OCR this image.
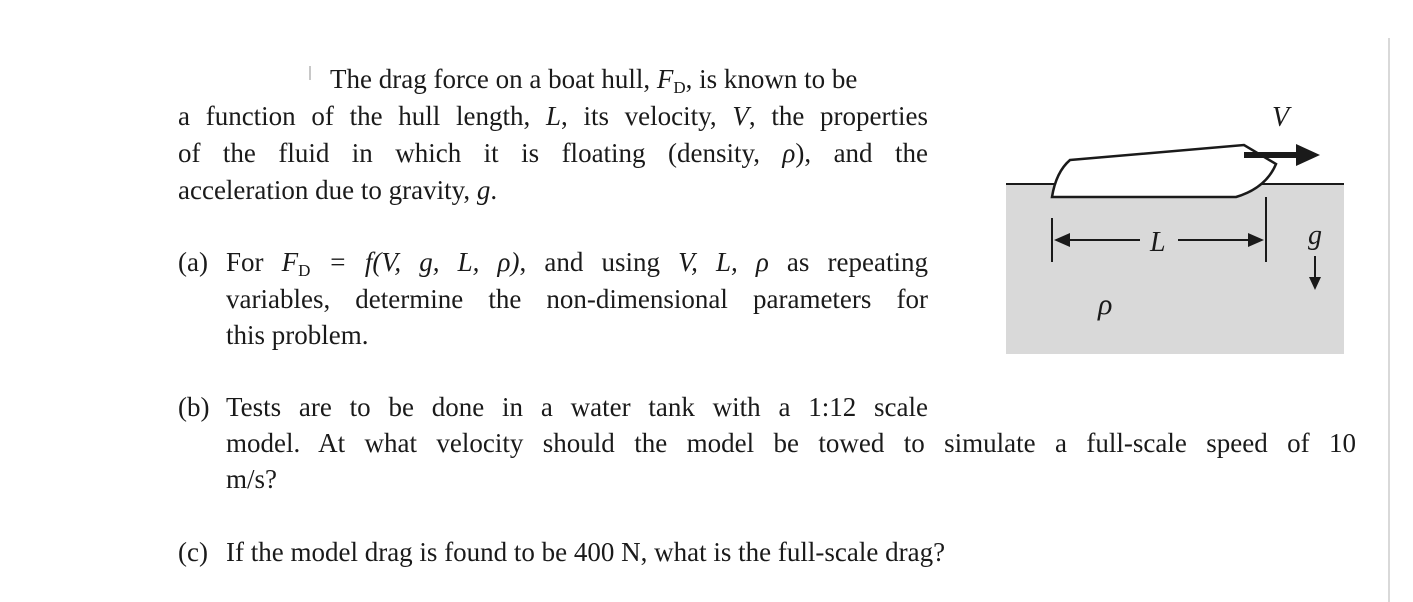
The drag force on a boat hull, $F_D$, is known to be
a function of the hull length, L, its velocity, V, the properties
of the fluid in which it is floating (density, ρ), and the
acceleration due to gravity, g.
(a) For $F_D = f(V$, g, L, ρ), and using V, L, ρ as repeating
variables, determine the non-dimensional parameters for
this problem.
(b) Tests are to be done in a water tank with a 1:12 scale
model. At what velocity should the model be towed to simulate a full-scale speed of 10
m/s?
(c) If the model drag is found to be 400 N, what is the full-scale drag?
V
L	g
ρ
